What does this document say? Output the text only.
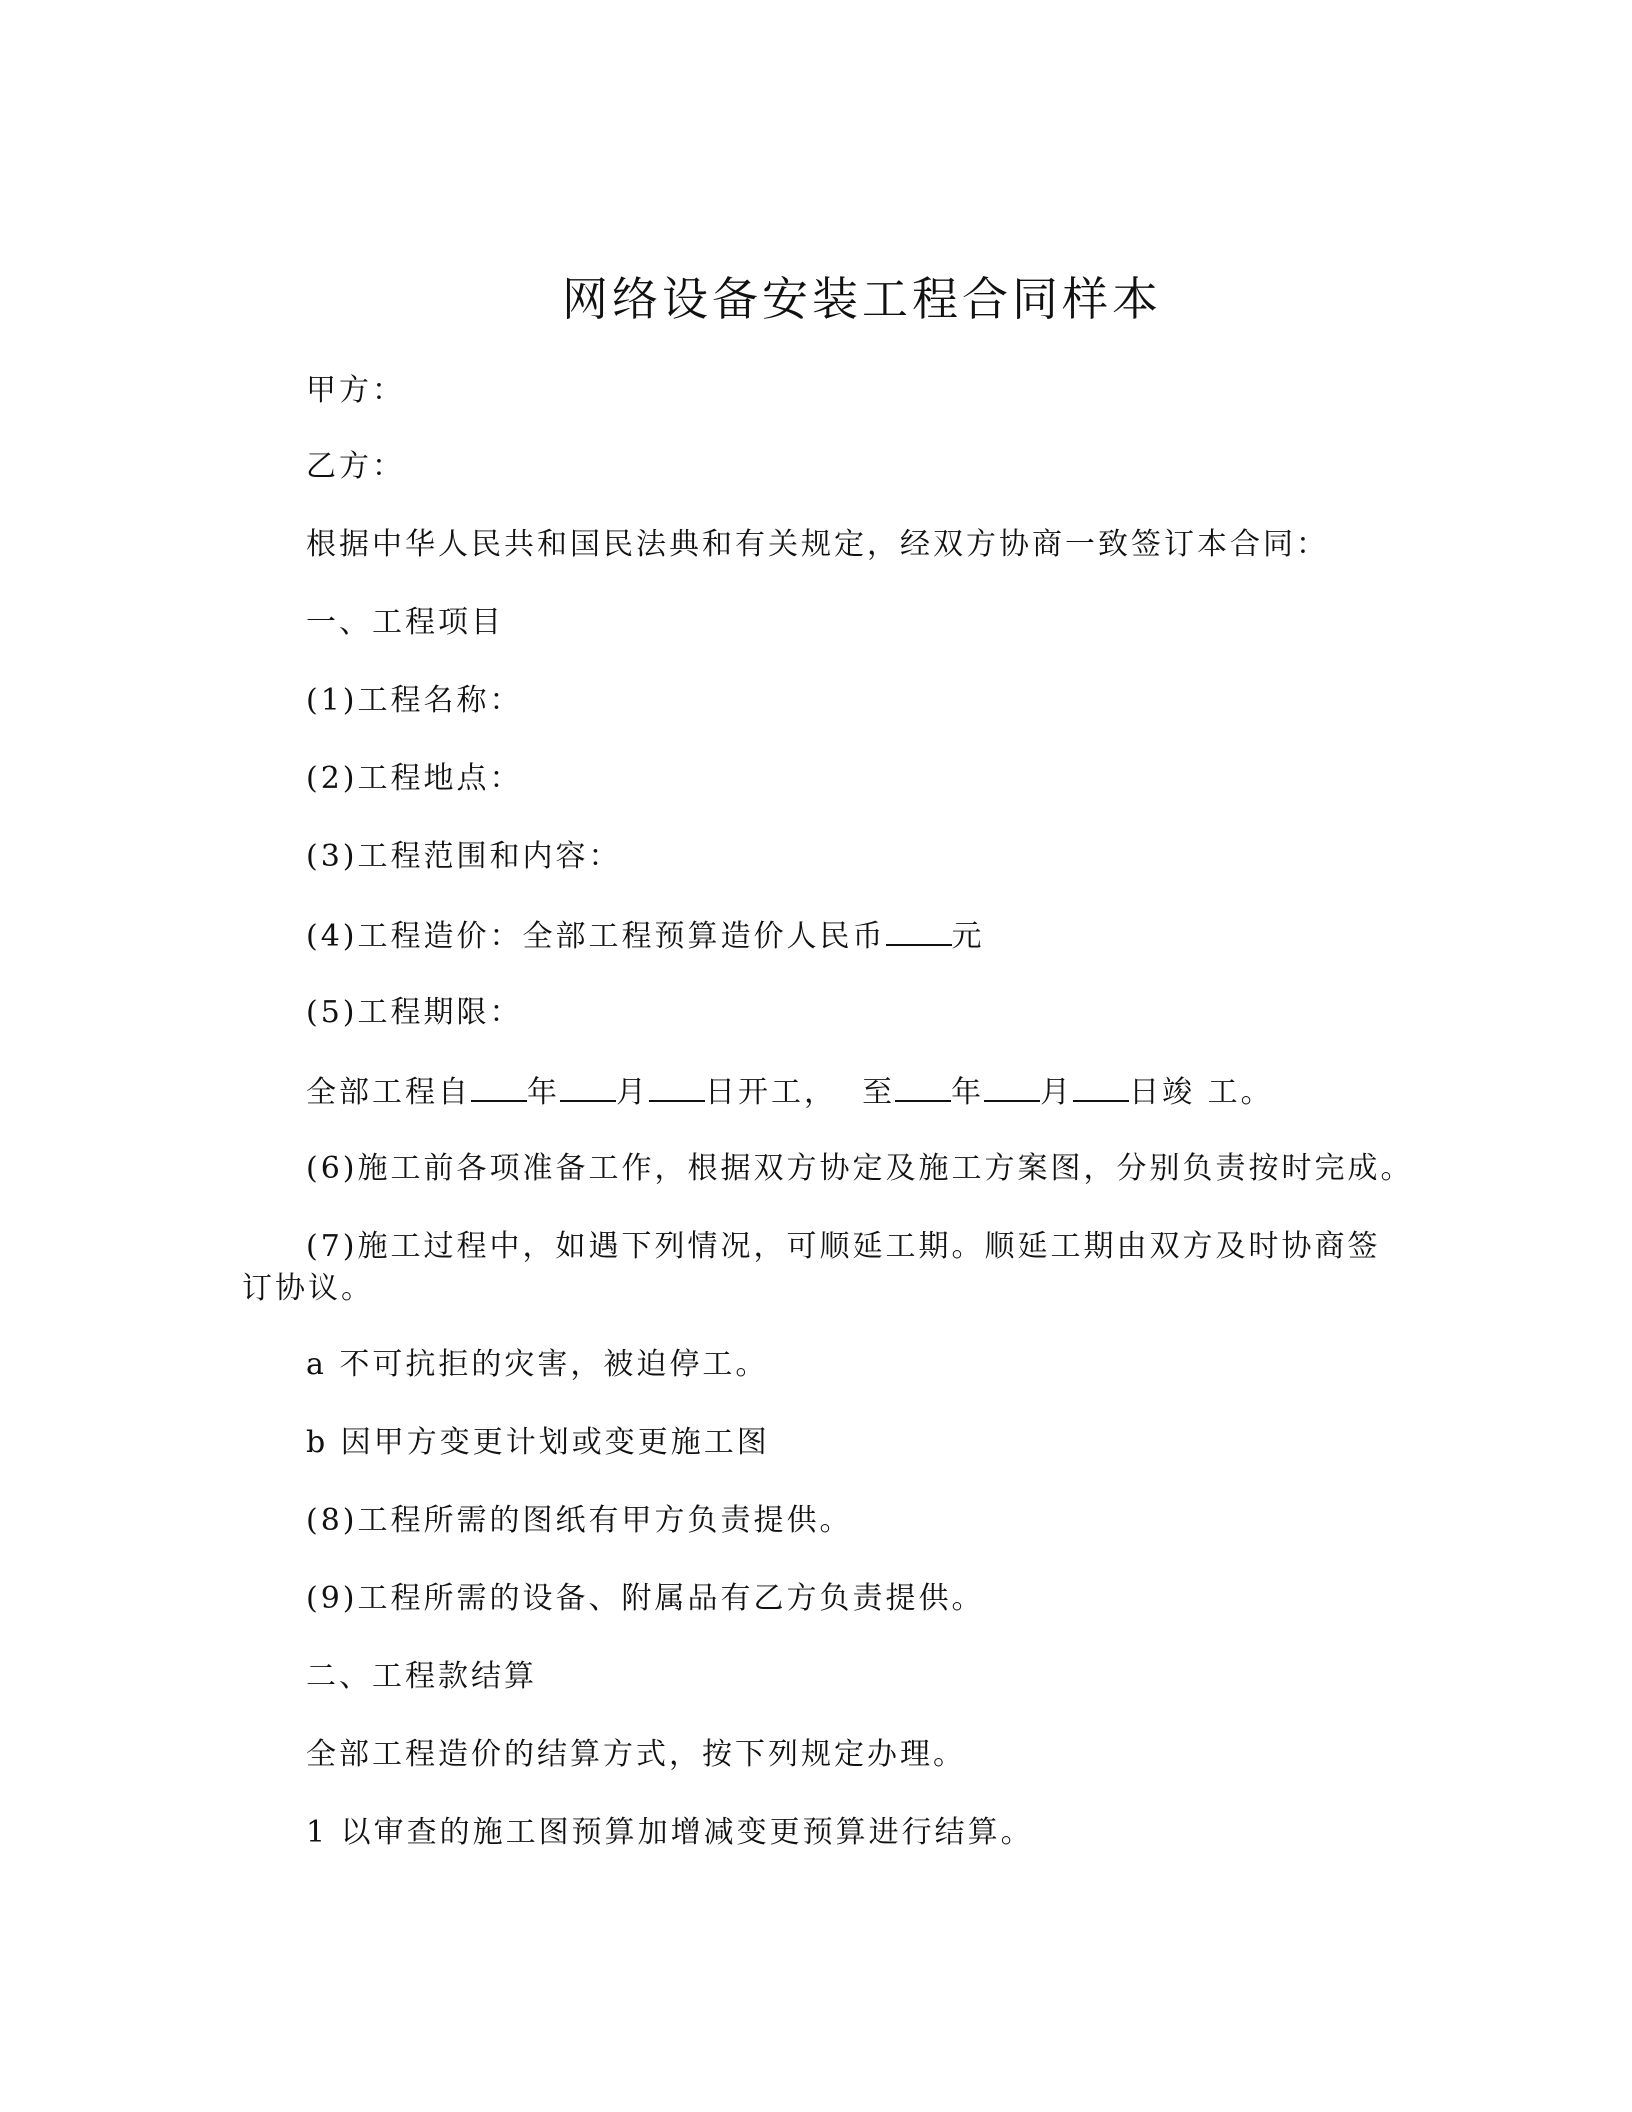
网络设备安装工程合同样本

甲方：

乙方：

根据中华人民共和国民法典和有关规定，经双方协商一致签订本合同：

一、工程项目

(1)工程名称：

(2)工程地点：

(3)工程范围和内容：

(4)工程造价：全部工程预算造价人民币 元

(5)工程期限：

全部工程自 年 月 日开工，  至 年 月 日竣 工。

(6)施工前各项准备工作，根据双方协定及施工方案图，分别负责按时完成。

(7)施工过程中，如遇下列情况，可顺延工期。顺延工期由双方及时协商签订协议。

a 不可抗拒的灾害，被迫停工。

b 因甲方变更计划或变更施工图

(8)工程所需的图纸有甲方负责提供。

(9)工程所需的设备、附属品有乙方负责提供。

二、工程款结算

全部工程造价的结算方式，按下列规定办理。

1 以审查的施工图预算加增减变更预算进行结算。
